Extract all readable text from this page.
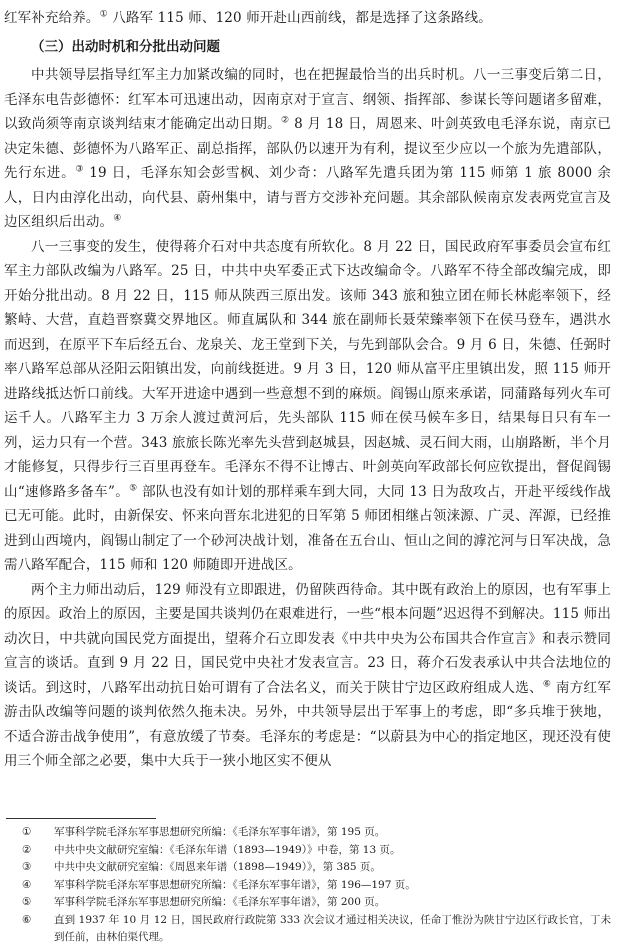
红军补充给养。① 八路军 115 师、120 师开赴山西前线，都是选择了这条路线。

（三）出动时机和分批出动问题

中共领导层指导红军主力加紧改编的同时，也在把握最恰当的出兵时机。八一三事变后第二日，毛泽东电告彭德怀：红军本可迅速出动，因南京对于宣言、纲领、指挥部、参谋长等问题诸多留难，以致尚须等南京谈判结束才能确定出动日期。② 8 月 18 日，周恩来、叶剑英致电毛泽东说，南京已决定朱德、彭德怀为八路军正、副总指挥，部队仍以速开为有利，提议至少应以一个旅为先遣部队，先行东进。③ 19 日，毛泽东知会彭雪枫、刘少奇：八路军先遣兵团为第 115 师第 1 旅 8000 余人，日内由淳化出动，向代县、蔚州集中，请与晋方交涉补充问题。其余部队候南京发表两党宣言及边区组织后出动。④

八一三事变的发生，使得蒋介石对中共态度有所软化。8 月 22 日，国民政府军事委员会宣布红军主力部队改编为八路军。25 日，中共中央军委正式下达改编命令。八路军不待全部改编完成，即开始分批出动。8 月 22 日，115 师从陕西三原出发。该师 343 旅和独立团在师长林彪率领下，经繁峙、大营，直趋晋察冀交界地区。师直属队和 344 旅在副师长聂荣臻率领下在侯马登车，遇洪水而迟到，在原平下车后经五台、龙泉关、龙王堂到下关，与先到部队会合。9 月 6 日，朱德、任弼时率八路军总部从泾阳云阳镇出发，向前线挺进。9 月 3 日，120 师从富平庄里镇出发，照 115 师开进路线抵达忻口前线。大军开进途中遇到一些意想不到的麻烦。阎锡山原来承诺，同蒲路每列火车可运千人。八路军主力 3 万余人渡过黄河后，先头部队 115 师在侯马候车多日，结果每日只有车一列，运力只有一个营。343 旅旅长陈光率先头营到赵城县，因赵城、灵石间大雨，山崩路断，半个月才能修复，只得步行三百里再登车。毛泽东不得不让博古、叶剑英向军政部长何应钦提出，督促阎锡山“速修路多备车”。⑤ 部队也没有如计划的那样乘车到大同，大同 13 日为敌攻占，开赴平绥线作战已无可能。此时，由新保安、怀来向晋东北进犯的日军第 5 师团相继占领涞源、广灵、浑源，已经推进到山西境内，阎锡山制定了一个砂河决战计划，准备在五台山、恒山之间的滹沱河与日军决战，急需八路军配合，115 师和 120 师随即开进战区。

两个主力师出动后，129 师没有立即跟进，仍留陕西待命。其中既有政治上的原因，也有军事上的原因。政治上的原因，主要是国共谈判仍在艰难进行，一些“根本问题”迟迟得不到解决。115 师出动次日，中共就向国民党方面提出，望蒋介石立即发表《中共中央为公布国共合作宣言》和表示赞同宣言的谈话。直到 9 月 22 日，国民党中央社才发表宣言。23 日，蒋介石发表承认中共合法地位的谈话。到这时，八路军出动抗日始可谓有了合法名义，而关于陕甘宁边区政府组成人选、⑥ 南方红军游击队改编等问题的谈判依然久拖未决。另外，中共领导层出于军事上的考虑，即“多兵堆于狭地，不适合游击战争使用”，有意放缓了节奏。毛泽东的考虑是：“以蔚县为中心的指定地区，现还没有使用三个师全部之必要，集中大兵于一狭小地区实不便从

①	军事科学院毛泽东军事思想研究所编：《毛泽东军事年谱》，第 195 页。
②	中共中央文献研究室编：《毛泽东年谱（1893—1949）》中卷，第 13 页。
③	中共中央文献研究室编：《周恩来年谱（1898—1949）》，第 385 页。
④	军事科学院毛泽东军事思想研究所编：《毛泽东军事年谱》，第 196—197 页。
⑤	军事科学院毛泽东军事思想研究所编：《毛泽东军事年谱》，第 200 页。
⑥	直到 1937 年 10 月 12 日，国民政府行政院第 333 次会议才通过相关决议，任命丁惟汾为陕甘宁边区行政长官，丁未到任前，由林伯渠代理。
